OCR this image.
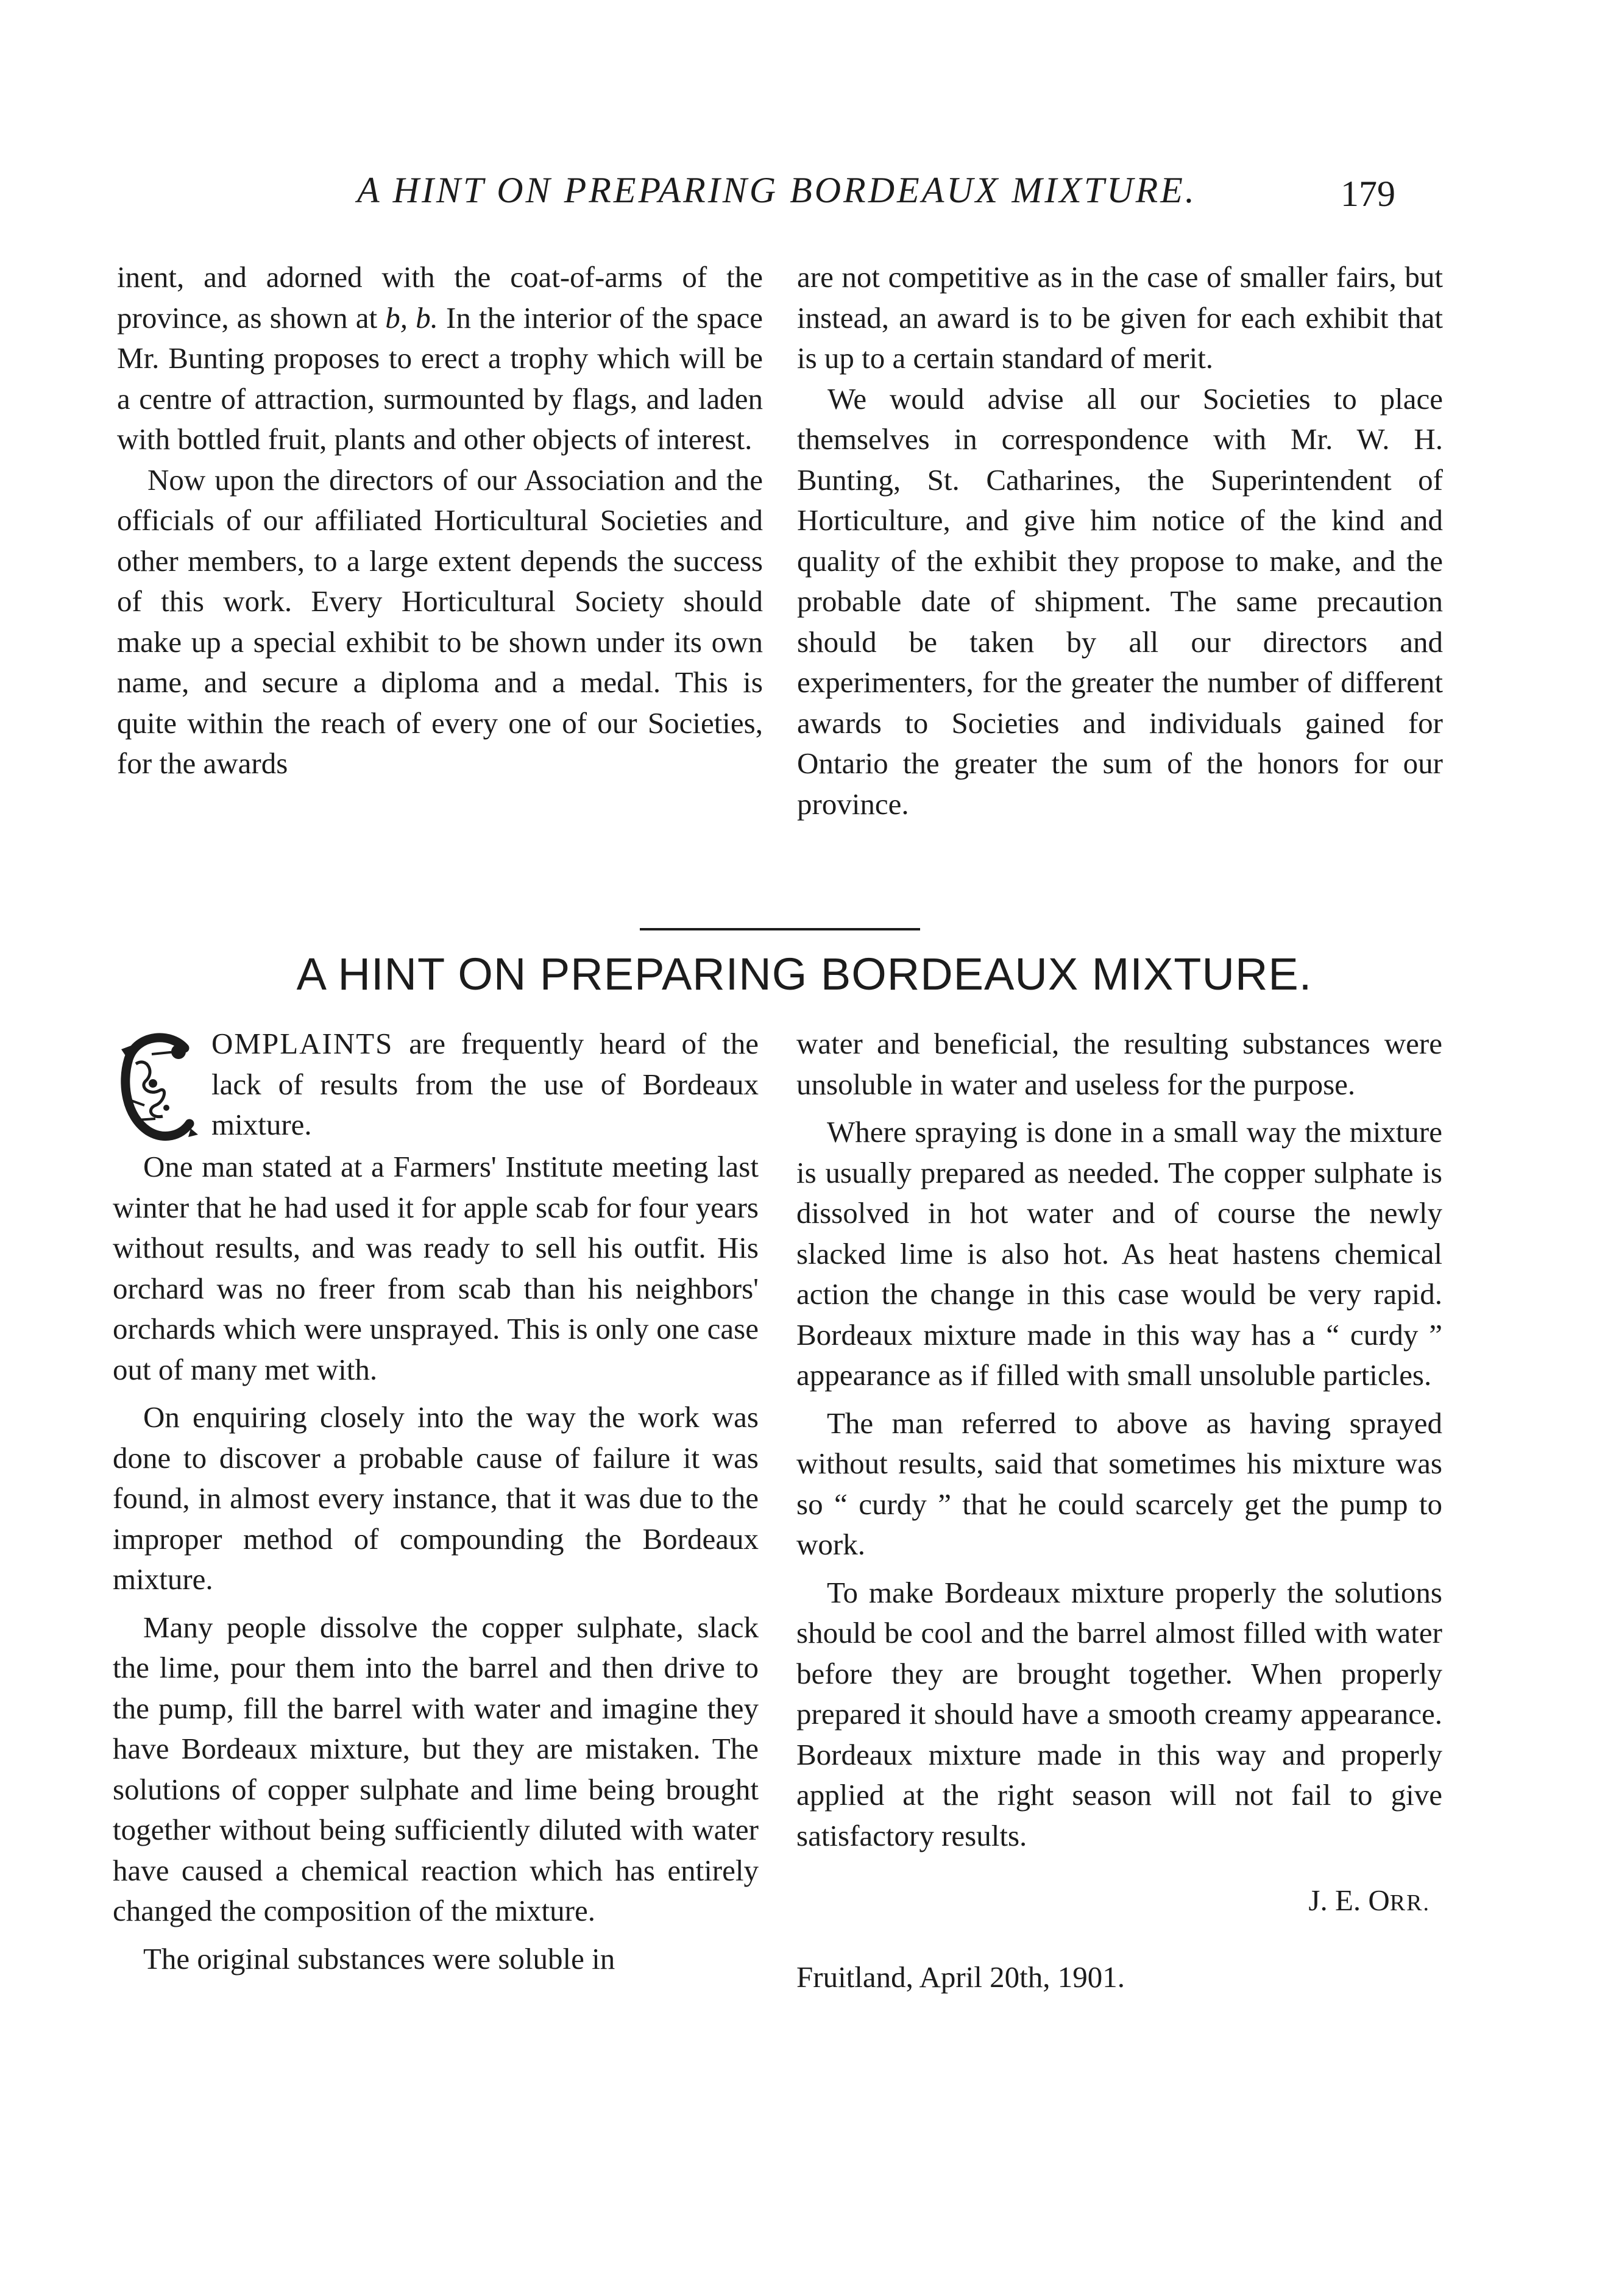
A HINT ON PREPARING BORDEAUX MIXTURE.	179

inent, and adorned with the coat-of-arms of the province, as shown at b, b. In the interior of the space Mr. Bunting proposes to erect a trophy which will be a centre of attraction, surmounted by flags, and laden with bottled fruit, plants and other objects of interest.

Now upon the directors of our Association and the officials of our affiliated Horticultural Societies and other members, to a large extent depends the success of this work. Every Horticultural Society should make up a special exhibit to be shown under its own name, and secure a diploma and a medal. This is quite within the reach of every one of our Societies, for the awards

are not competitive as in the case of smaller fairs, but instead, an award is to be given for each exhibit that is up to a certain standard of merit.

We would advise all our Societies to place themselves in correspondence with Mr. W. H. Bunting, St. Catharines, the Superintendent of Horticulture, and give him notice of the kind and quality of the exhibit they propose to make, and the probable date of shipment. The same precaution should be taken by all our directors and experimenters, for the greater the number of different awards to Societies and individuals gained for Ontario the greater the sum of the honors for our province.

A HINT ON PREPARING BORDEAUX MIXTURE.

OMPLAINTS are frequently heard of the lack of results from the use of Bordeaux mixture.

One man stated at a Farmers' Institute meeting last winter that he had used it for apple scab for four years without results, and was ready to sell his outfit. His orchard was no freer from scab than his neighbors' orchards which were unsprayed. This is only one case out of many met with.

On enquiring closely into the way the work was done to discover a probable cause of failure it was found, in almost every instance, that it was due to the improper method of compounding the Bordeaux mixture.

Many people dissolve the copper sulphate, slack the lime, pour them into the barrel and then drive to the pump, fill the barrel with water and imagine they have Bordeaux mixture, but they are mistaken. The solutions of copper sulphate and lime being brought together without being sufficiently diluted with water have caused a chemical reaction which has entirely changed the composition of the mixture.

The original substances were soluble in

water and beneficial, the resulting substances were unsoluble in water and useless for the purpose.

Where spraying is done in a small way the mixture is usually prepared as needed. The copper sulphate is dissolved in hot water and of course the newly slacked lime is also hot. As heat hastens chemical action the change in this case would be very rapid. Bordeaux mixture made in this way has a “ curdy ” appearance as if filled with small unsoluble particles.

The man referred to above as having sprayed without results, said that sometimes his mixture was so “ curdy ” that he could scarcely get the pump to work.

To make Bordeaux mixture properly the solutions should be cool and the barrel almost filled with water before they are brought together. When properly prepared it should have a smooth creamy appearance. Bordeaux mixture made in this way and properly applied at the right season will not fail to give satisfactory results.

J. E. ORR.

Fruitland, April 20th, 1901.
